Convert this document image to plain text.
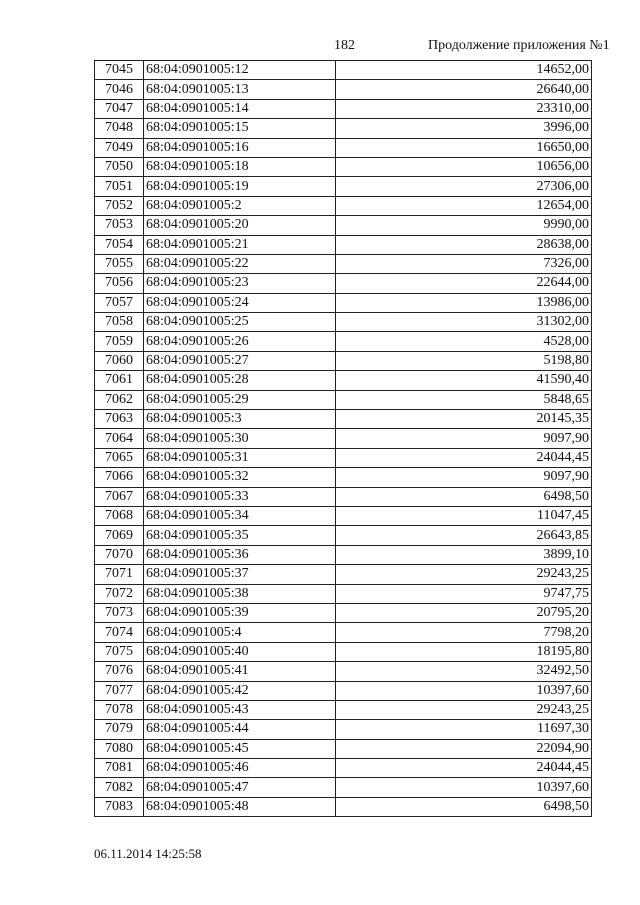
182	Продолжение приложения №1
7045	68:04:0901005:12	14652,00
7046	68:04:0901005:13	26640,00
7047	68:04:0901005:14	23310,00
7048	68:04:0901005:15	3996,00
7049	68:04:0901005:16	16650,00
7050	68:04:0901005:18	10656,00
7051	68:04:0901005:19	27306,00
7052	68:04:0901005:2	12654,00
7053	68:04:0901005:20	9990,00
7054	68:04:0901005:21	28638,00
7055	68:04:0901005:22	7326,00
7056	68:04:0901005:23	22644,00
7057	68:04:0901005:24	13986,00
7058	68:04:0901005:25	31302,00
7059	68:04:0901005:26	4528,00
7060	68:04:0901005:27	5198,80
7061	68:04:0901005:28	41590,40
7062	68:04:0901005:29	5848,65
7063	68:04:0901005:3	20145,35
7064	68:04:0901005:30	9097,90
7065	68:04:0901005:31	24044,45
7066	68:04:0901005:32	9097,90
7067	68:04:0901005:33	6498,50
7068	68:04:0901005:34	11047,45
7069	68:04:0901005:35	26643,85
7070	68:04:0901005:36	3899,10
7071	68:04:0901005:37	29243,25
7072	68:04:0901005:38	9747,75
7073	68:04:0901005:39	20795,20
7074	68:04:0901005:4	7798,20
7075	68:04:0901005:40	18195,80
7076	68:04:0901005:41	32492,50
7077	68:04:0901005:42	10397,60
7078	68:04:0901005:43	29243,25
7079	68:04:0901005:44	11697,30
7080	68:04:0901005:45	22094,90
7081	68:04:0901005:46	24044,45
7082	68:04:0901005:47	10397,60
7083	68:04:0901005:48	6498,50
06.11.2014 14:25:58
